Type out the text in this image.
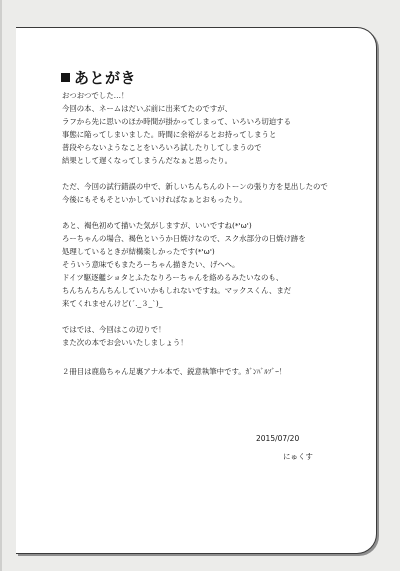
あとがき
おつおつでした…！
今回の本、ネームはだいぶ前に出来てたのですが、
ラフから先に思いのほか時間が掛かってしまって、いろいろ切迫する
事態に陥ってしまいました。時間に余裕がるとお持ってしまうと
普段やらないようなことをいろいろ試したりしてしまうので
結果として遅くなってしまうんだなぁと思ったり。
ただ、今回の試行錯誤の中で、新しいちんちんのトーンの張り方を見出したので
今後にもそもそといかしていければなぁとおもったり。
あと、褐色初めて描いた気がしますが、いいですね(*'ω')
ろーちゃんの場合、褐色というか日焼けなので、スク水部分の日焼け跡を
処理しているときが結構楽しかったです(*'ω')
そういう意味でもまたろーちゃん描きたい、げへへ。
ドイツ駆逐艦ショタとふたなりろーちゃんを絡めるみたいなのも、
ちんちんちんちんしていいかもしれないですね。マックスくん、まだ
来てくれませんけど(´._３_`)_
ではでは、今回はこの辺りで！
また次の本でお会いいたしましょう！
２冊目は鹿島ちゃん足裏アナル本で、鋭意執筆中です。ｶﾞﾝﾊﾞﾙｿﾞｰ！
2015/07/20
にゅくす
